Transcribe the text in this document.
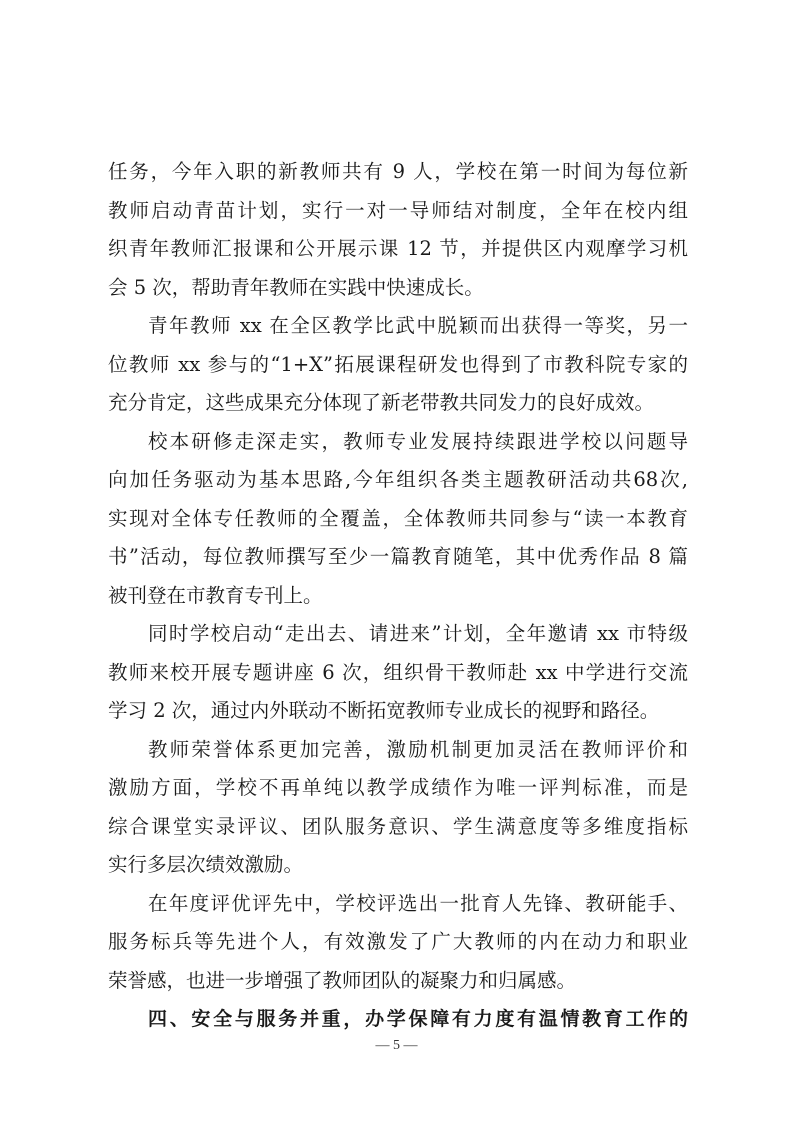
任务，今年入职的新教师共有 9 人，学校在第一时间为每位新
教师启动青苗计划，实行一对一导师结对制度，全年在校内组
织青年教师汇报课和公开展示课 12 节，并提供区内观摩学习机
会 5 次，帮助青年教师在实践中快速成长。
青年教师 xx 在全区教学比武中脱颖而出获得一等奖，另一
位教师 xx 参与的“1+X”拓展课程研发也得到了市教科院专家的
充分肯定，这些成果充分体现了新老带教共同发力的良好成效。
校本研修走深走实，教师专业发展持续跟进学校以问题导
向加任务驱动为基本思路,今年组织各类主题教研活动共68次,
实现对全体专任教师的全覆盖，全体教师共同参与“读一本教育
书”活动，每位教师撰写至少一篇教育随笔，其中优秀作品 8 篇
被刊登在市教育专刊上。
同时学校启动“走出去、请进来”计划，全年邀请 xx 市特级
教师来校开展专题讲座 6 次，组织骨干教师赴 xx 中学进行交流
学习 2 次，通过内外联动不断拓宽教师专业成长的视野和路径。
教师荣誉体系更加完善，激励机制更加灵活在教师评价和
激励方面，学校不再单纯以教学成绩作为唯一评判标准，而是
综合课堂实录评议、团队服务意识、学生满意度等多维度指标
实行多层次绩效激励。
在年度评优评先中，学校评选出一批育人先锋、教研能手、
服务标兵等先进个人，有效激发了广大教师的内在动力和职业
荣誉感，也进一步增强了教师团队的凝聚力和归属感。
四、安全与服务并重，办学保障有力度有温情教育工作的
— 5 —
